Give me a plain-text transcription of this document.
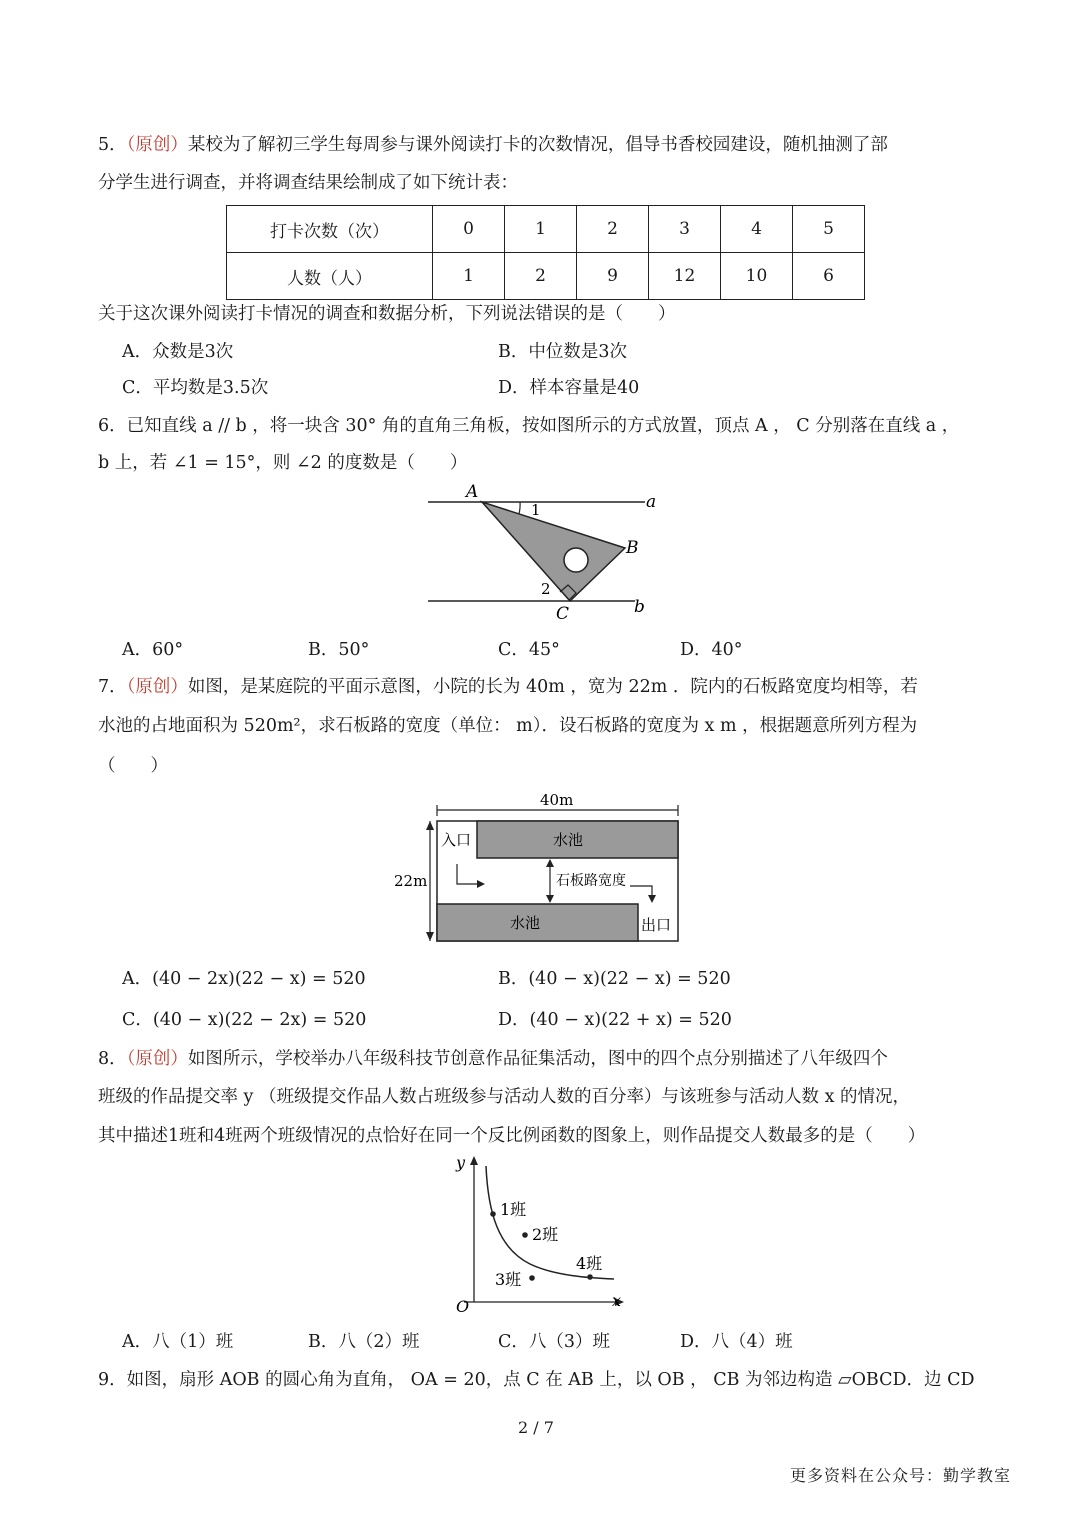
5．（原创）某校为了解初三学生每周参与课外阅读打卡的次数情况，倡导书香校园建设，随机抽测了部
分学生进行调查，并将调查结果绘制成了如下统计表：
打卡次数（次）	0	1	2	3	4	5
人数（人）	1	2	9	12	10	6
关于这次课外阅读打卡情况的调查和数据分析，下列说法错误的是（　　）
A．众数是3次	B．中位数是3次
C．平均数是3.5次	D．样本容量是40
6．已知直线 a // b ，将一块含 30° 角的直角三角板，按如图所示的方式放置，顶点 A ， C 分别落在直线 a ，
b 上，若 ∠1 = 15°，则 ∠2 的度数是（　　）
A
B
C
a
b
1
2
A．60°	B．50°	C．45°	D．40°
7．（原创）如图，是某庭院的平面示意图，小院的长为 40m ，宽为 22m ．院内的石板路宽度均相等，若
水池的占地面积为 520m²，求石板路的宽度（单位： m）．设石板路的宽度为 x m ，根据题意所列方程为
（　　）
40m
22m
水池
水池
入口
出口
石板路宽度
A．(40 − 2x)(22 − x) = 520	B．(40 − x)(22 − x) = 520
C．(40 − x)(22 − 2x) = 520	D．(40 − x)(22 + x) = 520
8．（原创）如图所示，学校举办八年级科技节创意作品征集活动，图中的四个点分别描述了八年级四个
班级的作品提交率 y （班级提交作品人数占班级参与活动人数的百分率）与该班参与活动人数 x 的情况，
其中描述1班和4班两个班级情况的点恰好在同一个反比例函数的图象上，则作品提交人数最多的是（　　）
1班
2班
3班
4班
y
x
O
A．八（1）班	B．八（2）班	C．八（3）班	D．八（4）班
9．如图，扇形 AOB 的圆心角为直角， OA = 20，点 C 在 AB 上，以 OB ， CB 为邻边构造 ▱OBCD．边 CD
2 / 7
更多资料在公众号：勤学教室
